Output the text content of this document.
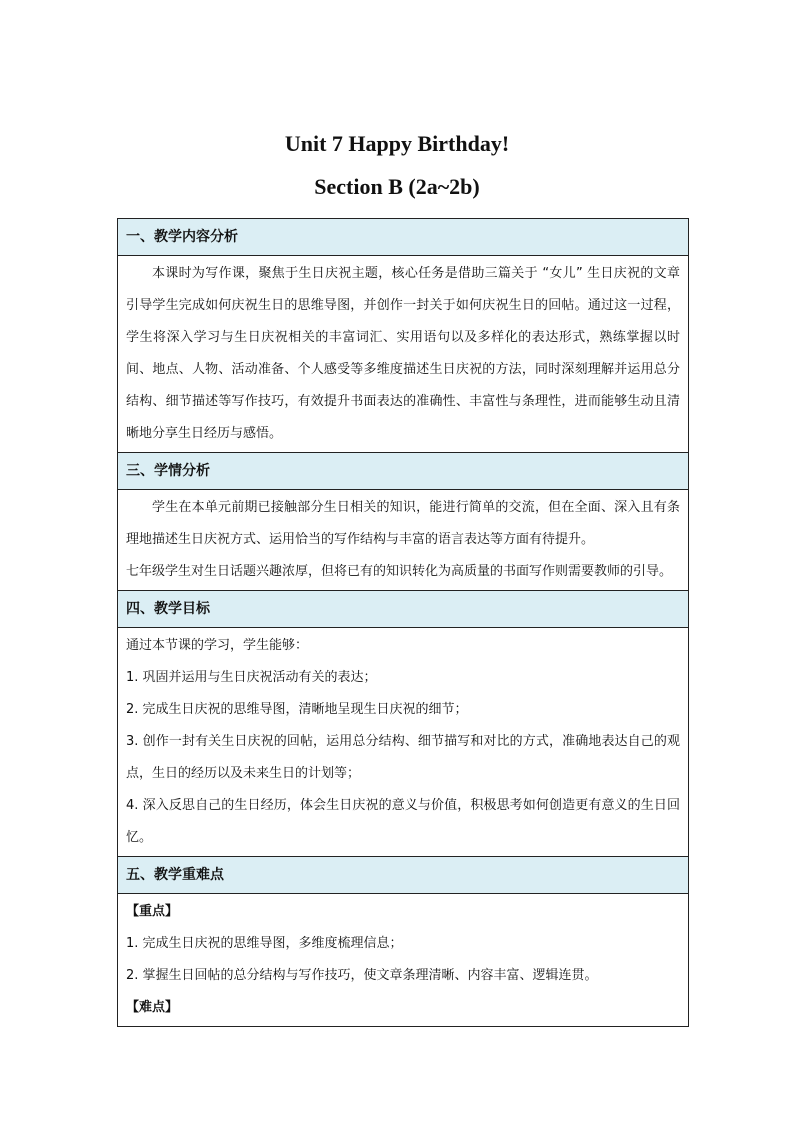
Unit 7 Happy Birthday!
Section B (2a~2b)
一、教学内容分析

本课时为写作课，聚焦于生日庆祝主题，核心任务是借助三篇关于 “女儿” 生日庆祝的文章引导学生完成如何庆祝生日的思维导图，并创作一封关于如何庆祝生日的回帖。通过这一过程，学生将深入学习与生日庆祝相关的丰富词汇、实用语句以及多样化的表达形式，熟练掌握以时间、地点、人物、活动准备、个人感受等多维度描述生日庆祝的方法，同时深刻理解并运用总分结构、细节描述等写作技巧，有效提升书面表达的准确性、丰富性与条理性，进而能够生动且清晰地分享生日经历与感悟。

三、学情分析

学生在本单元前期已接触部分生日相关的知识，能进行简单的交流，但在全面、深入且有条理地描述生日庆祝方式、运用恰当的写作结构与丰富的语言表达等方面有待提升。

七年级学生对生日话题兴趣浓厚，但将已有的知识转化为高质量的书面写作则需要教师的引导。

四、教学目标

通过本节课的学习，学生能够：

1. 巩固并运用与生日庆祝活动有关的表达；

2. 完成生日庆祝的思维导图，清晰地呈现生日庆祝的细节；

3. 创作一封有关生日庆祝的回帖，运用总分结构、细节描写和对比的方式，准确地表达自己的观点，生日的经历以及未来生日的计划等；

4. 深入反思自己的生日经历，体会生日庆祝的意义与价值，积极思考如何创造更有意义的生日回忆。

五、教学重难点

【重点】

1. 完成生日庆祝的思维导图，多维度梳理信息；

2. 掌握生日回帖的总分结构与写作技巧，使文章条理清晰、内容丰富、逻辑连贯。

【难点】
